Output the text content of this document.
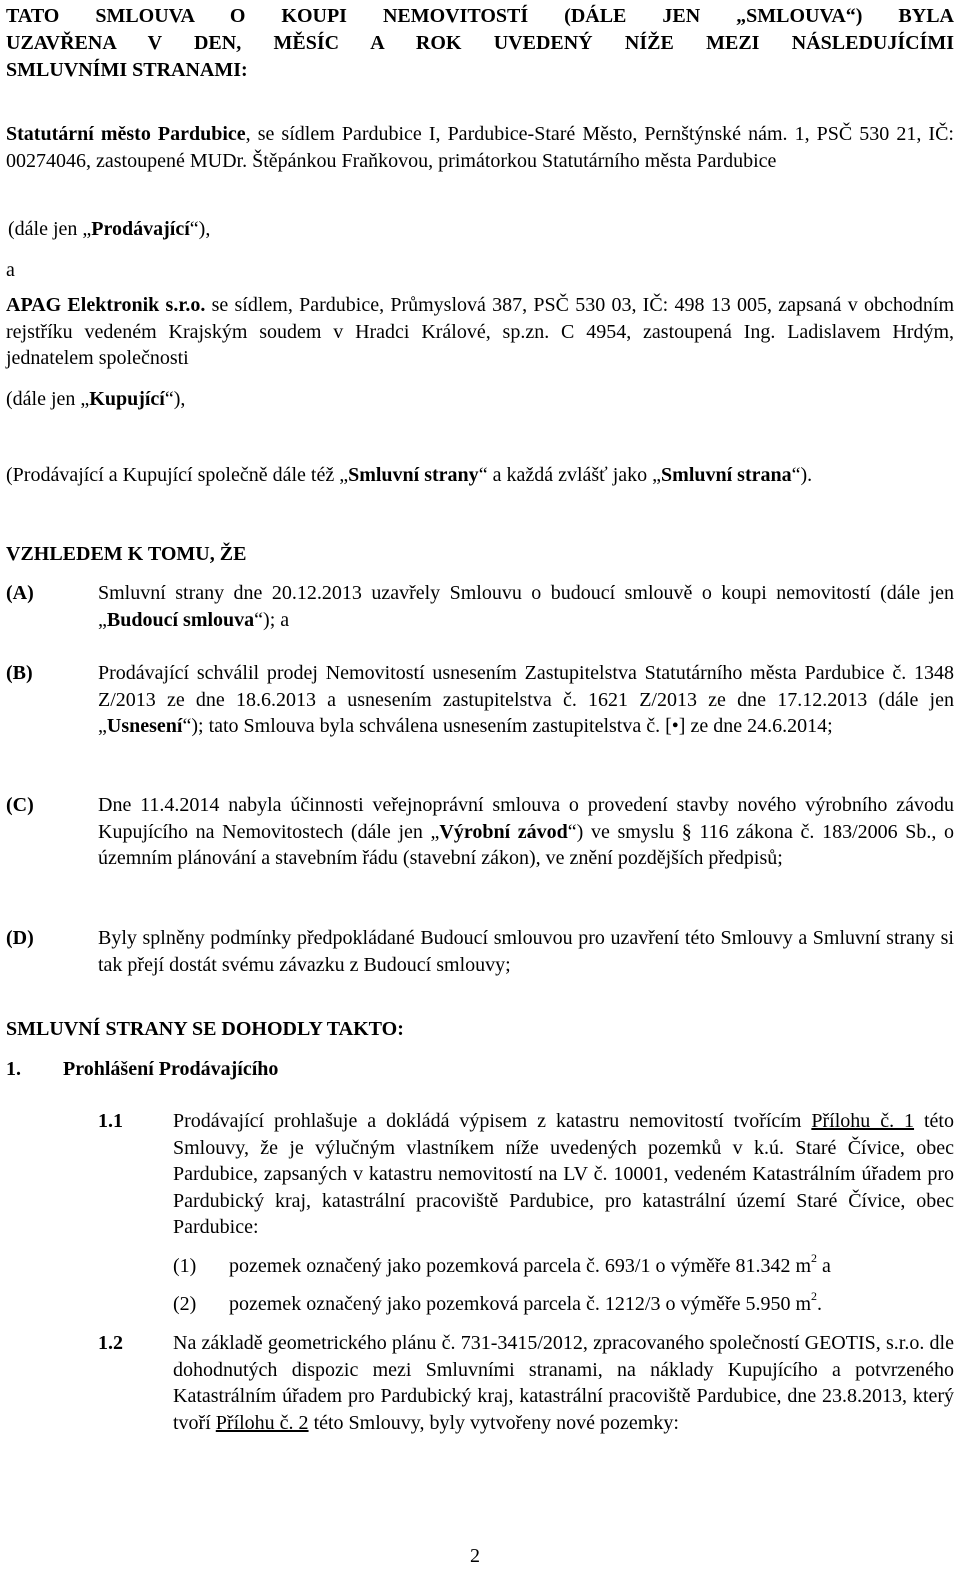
TATO SMLOUVA O KOUPI NEMOVITOSTÍ (DÁLE JEN „SMLOUVA“) BYLA
UZAVŘENA V DEN, MĚSÍC A ROK UVEDENÝ NÍŽE MEZI NÁSLEDUJÍCÍMI
SMLUVNÍMI STRANAMI:

Statutární město Pardubice, se sídlem Pardubice I, Pardubice-Staré Město, Pernštýnské nám. 1, PSČ 530 21, IČ: 00274046, zastoupené MUDr. Štěpánkou Fraňkovou, primátorkou Statutárního města Pardubice

(dále jen „Prodávající“),
a

APAG Elektronik s.r.o. se sídlem, Pardubice, Průmyslová 387, PSČ 530 03, IČ: 498 13 005, zapsaná v obchodním rejstříku vedeném Krajským soudem v Hradci Králové, sp.zn. C 4954, zastoupená Ing. Ladislavem Hrdým, jednatelem společnosti

(dále jen „Kupující“),
(Prodávající a Kupující společně dále též „Smluvní strany“ a každá zvlášť jako „Smluvní strana“).
VZHLEDEM K TOMU, ŽE
(A)	Smluvní strany dne 20.12.2013 uzavřely Smlouvu o budoucí smlouvě o koupi nemovitostí (dále jen „Budoucí smlouva“); a

(B)	Prodávající schválil prodej Nemovitostí usnesením Zastupitelstva Statutárního města Pardubice č. 1348 Z/2013 ze dne 18.6.2013 a usnesením zastupitelstva č. 1621 Z/2013 ze dne 17.12.2013 (dále jen „Usnesení“); tato Smlouva byla schválena usnesením zastupitelstva č. [•] ze dne 24.6.2014;

(C)	Dne 11.4.2014 nabyla účinnosti veřejnoprávní smlouva o provedení stavby nového výrobního závodu Kupujícího na Nemovitostech (dále jen „Výrobní závod“) ve smyslu § 116 zákona č. 183/2006 Sb., o územním plánování a stavebním řádu (stavební zákon), ve znění pozdějších předpisů;

(D)	Byly splněny podmínky předpokládané Budoucí smlouvou pro uzavření této Smlouvy a Smluvní strany si tak přejí dostát svému závazku z Budoucí smlouvy;

SMLUVNÍ STRANY SE DOHODLY TAKTO:
1. Prohlášení Prodávajícího
1.1	Prodávající prohlašuje a dokládá výpisem z katastru nemovitostí tvořícím Přílohu č. 1 této Smlouvy, že je výlučným vlastníkem níže uvedených pozemků v k.ú. Staré Čívice, obec Pardubice, zapsaných v katastru nemovitostí na LV č. 10001, vedeném Katastrálním úřadem pro Pardubický kraj, katastrální pracoviště Pardubice, pro katastrální území Staré Čívice, obec Pardubice:

(1) pozemek označený jako pozemková parcela č. 693/1 o výměře 81.342 $m^2$ a
(2) pozemek označený jako pozemková parcela č. 1212/3 o výměře 5.950 $m^2$.
1.2	Na základě geometrického plánu č. 731-3415/2012, zpracovaného společností GEOTIS, s.r.o. dle dohodnutých dispozic mezi Smluvními stranami, na náklady Kupujícího a potvrzeného Katastrálním úřadem pro Pardubický kraj, katastrální pracoviště Pardubice, dne 23.8.2013, který tvoří Přílohu č. 2 této Smlouvy, byly vytvořeny nové pozemky:

2
